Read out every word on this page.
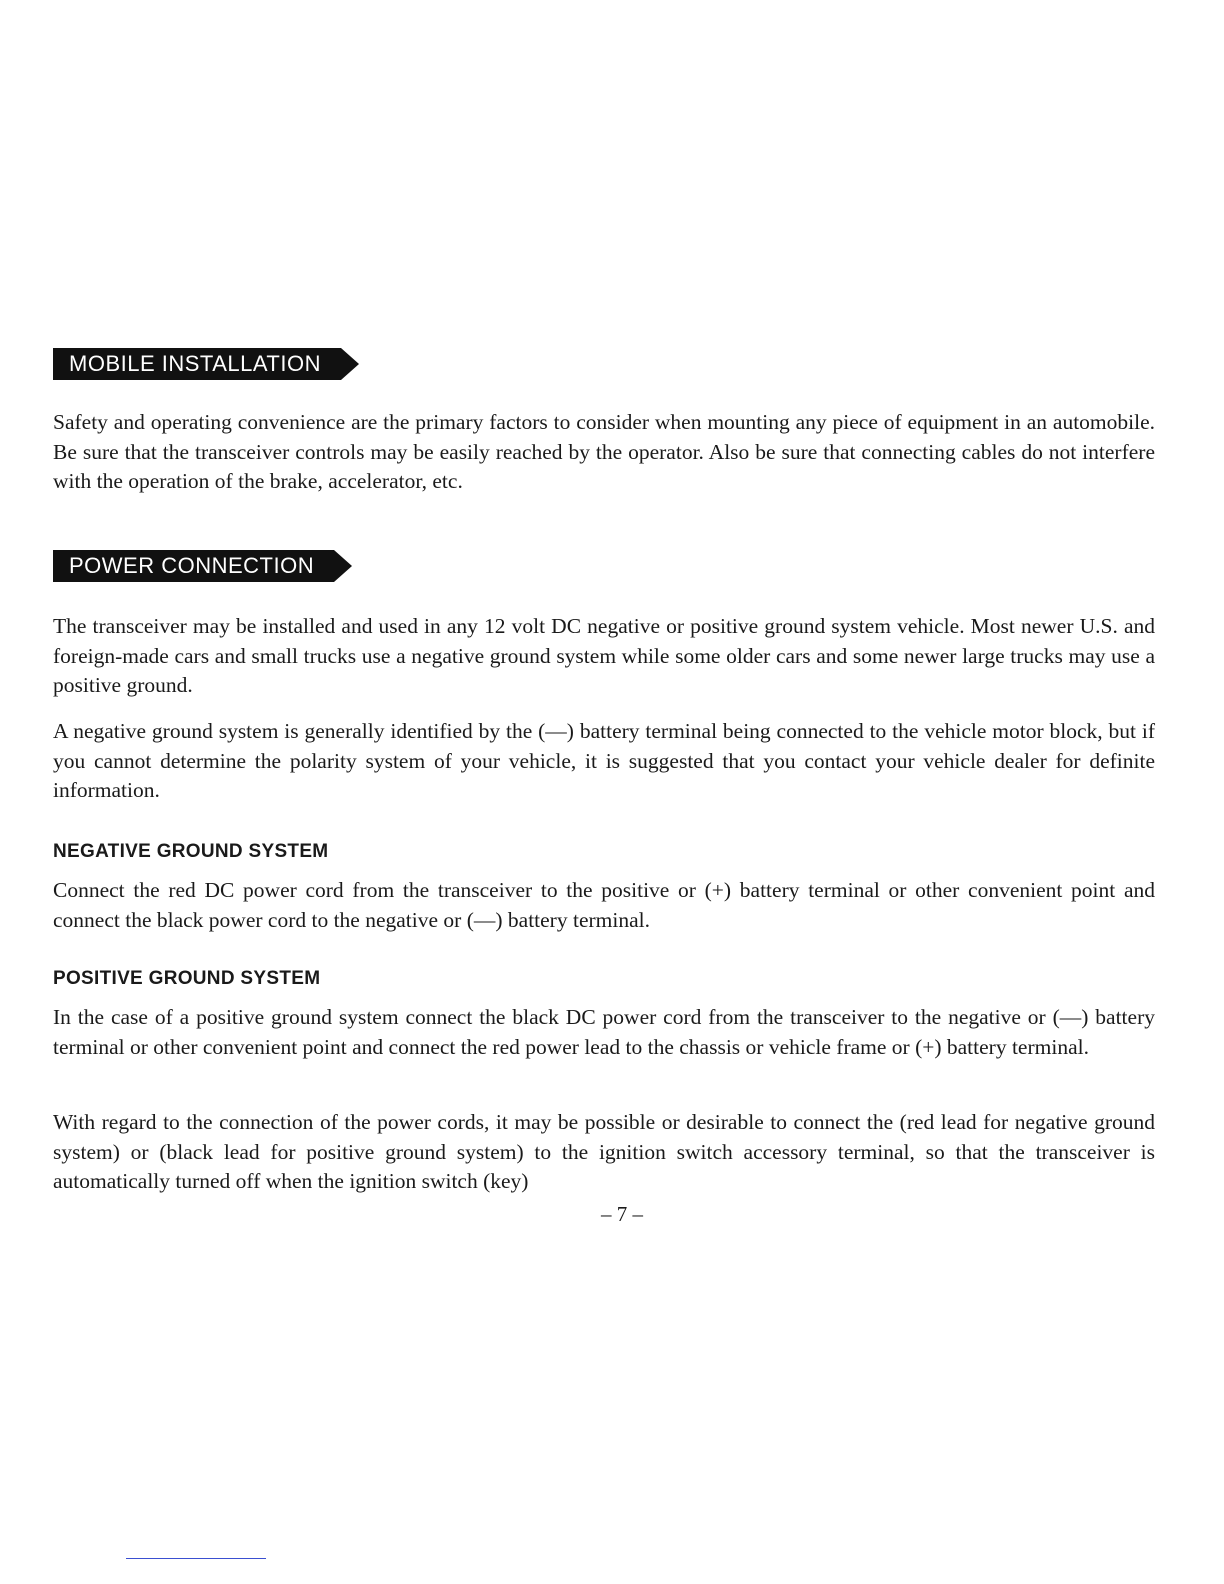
MOBILE INSTALLATION

Safety and operating convenience are the primary factors to consider when mounting any piece of equipment in an automobile. Be sure that the transceiver controls may be easily reached by the operator. Also be sure that connecting cables do not interfere with the operation of the brake, accelerator, etc.

POWER CONNECTION

The transceiver may be installed and used in any 12 volt DC negative or positive ground system vehicle. Most newer U.S. and foreign-made cars and small trucks use a negative ground system while some older cars and some newer large trucks may use a positive ground.

A negative ground system is generally identified by the (—) battery terminal being connected to the vehicle motor block, but if you cannot determine the polarity system of your vehicle, it is suggested that you contact your vehicle dealer for definite information.

NEGATIVE GROUND SYSTEM

Connect the red DC power cord from the transceiver to the positive or (+) battery terminal or other convenient point and connect the black power cord to the negative or (—) battery terminal.

POSITIVE GROUND SYSTEM

In the case of a positive ground system connect the black DC power cord from the transceiver to the negative or (—) battery terminal or other convenient point and connect the red power lead to the chassis or vehicle frame or (+) battery terminal.

With regard to the connection of the power cords, it may be possible or desirable to connect the (red lead for negative ground system) or (black lead for positive ground system) to the ignition switch accessory terminal, so that the transceiver is automatically turned off when the ignition switch (key)

– 7 –
